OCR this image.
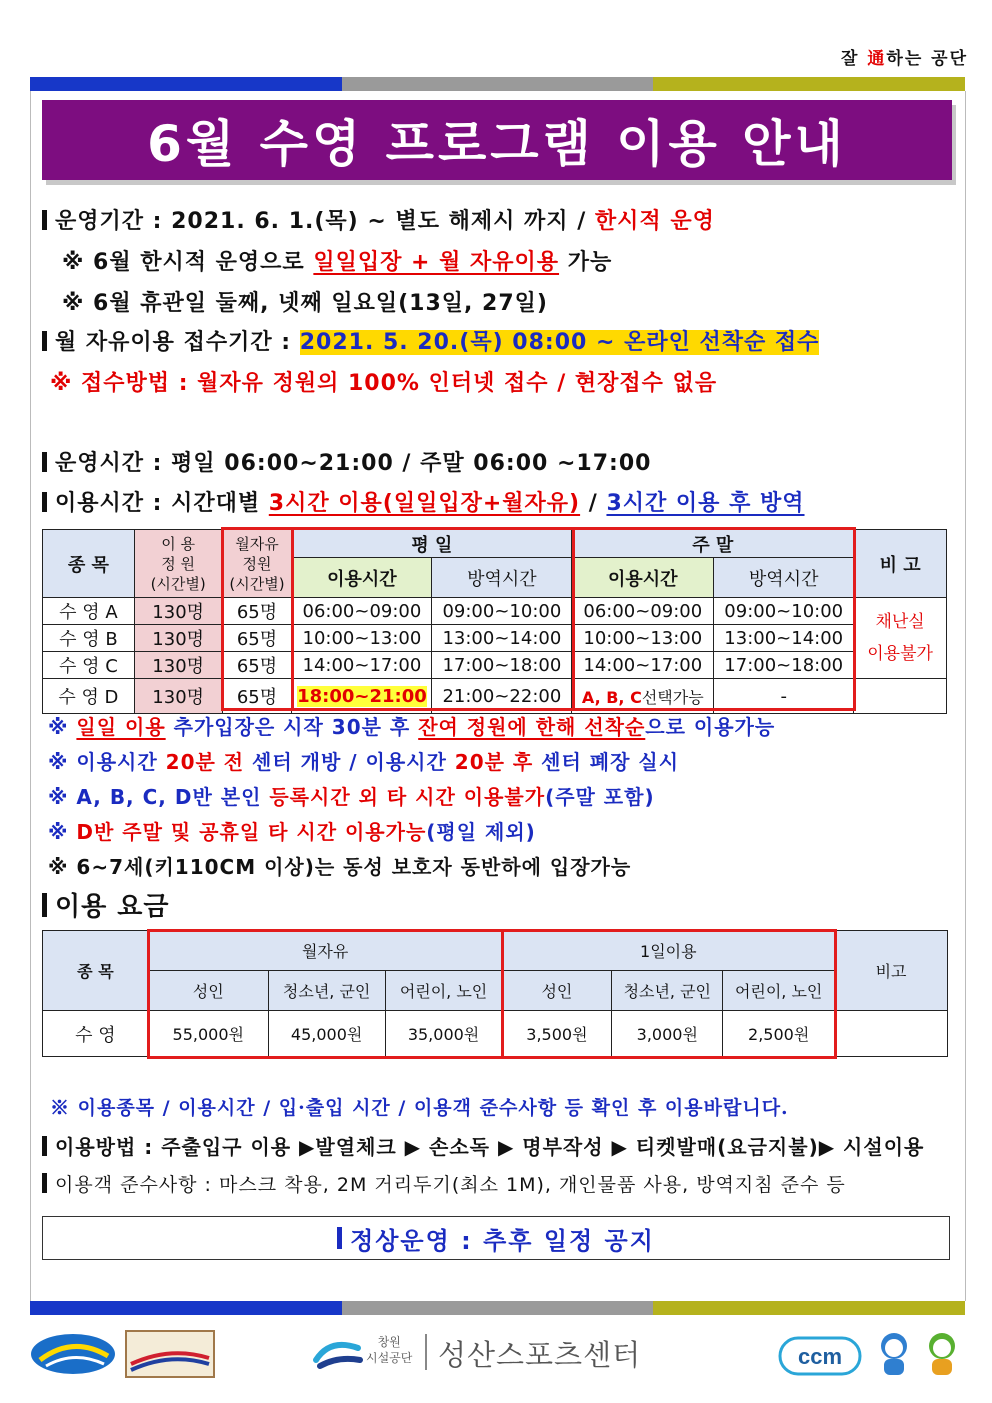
잘 通하는 공단
6월 수영 프로그램 이용 안내
운영기간 : 2021. 6. 1.(목) ~ 별도 해제시 까지 / 한시적 운영
※ 6월 한시적 운영으로 일일입장 + 월 자유이용 가능
※ 6월 휴관일 둘째, 넷째 일요일(13일, 27일)
월 자유이용 접수기간 : 2021. 5. 20.(목) 08:00 ~ 온라인 선착순 접수
※ 접수방법 : 월자유 정원의 100% 인터넷 접수 / 현장접수 없음
운영시간 : 평일 06:00~21:00 / 주말 06:00 ~17:00
이용시간 : 시간대별 3시간 이용(일일입장+월자유) / 3시간 이용 후 방역
종 목	이 용
정 원
(시간별)	월자유
정원
(시간별)	평 일		주 말		비 고
			이용시간	방역시간	이용시간	방역시간	
수 영 A	130명	65명	06:00~09:00	09:00~10:00	06:00~09:00	09:00~10:00	채난실
이용불가
수 영 B	130명	65명	10:00~13:00	13:00~14:00	10:00~13:00	13:00~14:00	
수 영 C	130명	65명	14:00~17:00	17:00~18:00	14:00~17:00	17:00~18:00	
수 영 D	130명	65명	18:00~21:00	21:00~22:00	A, B, C선택가능	-	
※ 일일 이용 추가입장은 시작 30분 후 잔여 정원에 한해 선착순으로 이용가능
※ 이용시간 20분 전 센터 개방 / 이용시간 20분 후 센터 폐장 실시
※ A, B, C, D반 본인 등록시간 외 타 시간 이용불가(주말 포함)
※ D반 주말 및 공휴일 타 시간 이용가능(평일 제외)
※ 6~7세(키110CM 이상)는 동성 보호자 동반하에 입장가능
이용 요금
종 목	월자유			1일이용			비고
	성인	청소년, 군인	어린이, 노인	성인	청소년, 군인	어린이, 노인	
수 영	55,000원	45,000원	35,000원	3,500원	3,000원	2,500원	
※ 이용종목 / 이용시간 / 입·출입 시간 / 이용객 준수사항 등 확인 후 이용바랍니다.
이용방법 : 주출입구 이용 ▶발열체크 ▶ 손소독 ▶ 명부작성 ▶ 티켓발매(요금지불)▶ 시설이용
이용객 준수사항 : 마스크 착용, 2M 거리두기(최소 1M), 개인물품 사용, 방역지침 준수 등
정상운영 : 추후 일정 공지
창원
시설공단 성산스포츠센터	ccm
